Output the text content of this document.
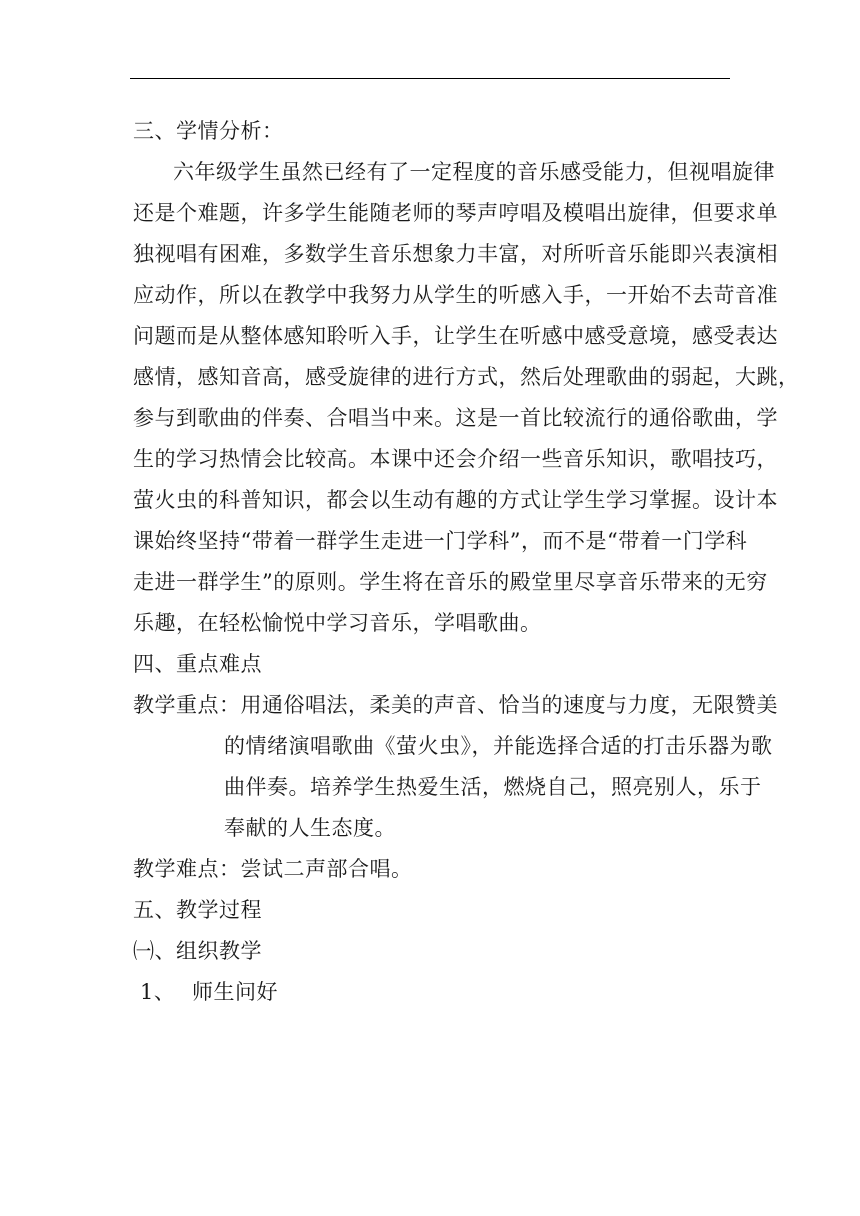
三、学情分析：
六年级学生虽然已经有了一定程度的音乐感受能力，但视唱旋律
还是个难题，许多学生能随老师的琴声哼唱及模唱出旋律，但要求单
独视唱有困难，多数学生音乐想象力丰富，对所听音乐能即兴表演相
应动作，所以在教学中我努力从学生的听感入手，一开始不去苛音准
问题而是从整体感知聆听入手，让学生在听感中感受意境，感受表达
感情，感知音高，感受旋律的进行方式，然后处理歌曲的弱起，大跳，
参与到歌曲的伴奏、合唱当中来。这是一首比较流行的通俗歌曲，学
生的学习热情会比较高。本课中还会介绍一些音乐知识，歌唱技巧，
萤火虫的科普知识，都会以生动有趣的方式让学生学习掌握。设计本
课始终坚持“带着一群学生走进一门学科”，而不是“带着一门学科
走进一群学生”的原则。学生将在音乐的殿堂里尽享音乐带来的无穷
乐趣，在轻松愉悦中学习音乐，学唱歌曲。
四、重点难点
教学重点：用通俗唱法，柔美的声音、恰当的速度与力度，无限赞美
的情绪演唱歌曲《萤火虫》，并能选择合适的打击乐器为歌
曲伴奏。培养学生热爱生活，燃烧自己，照亮别人，乐于
奉献的人生态度。
教学难点：尝试二声部合唱。
五、教学过程
㈠、组织教学
1、 师生问好
